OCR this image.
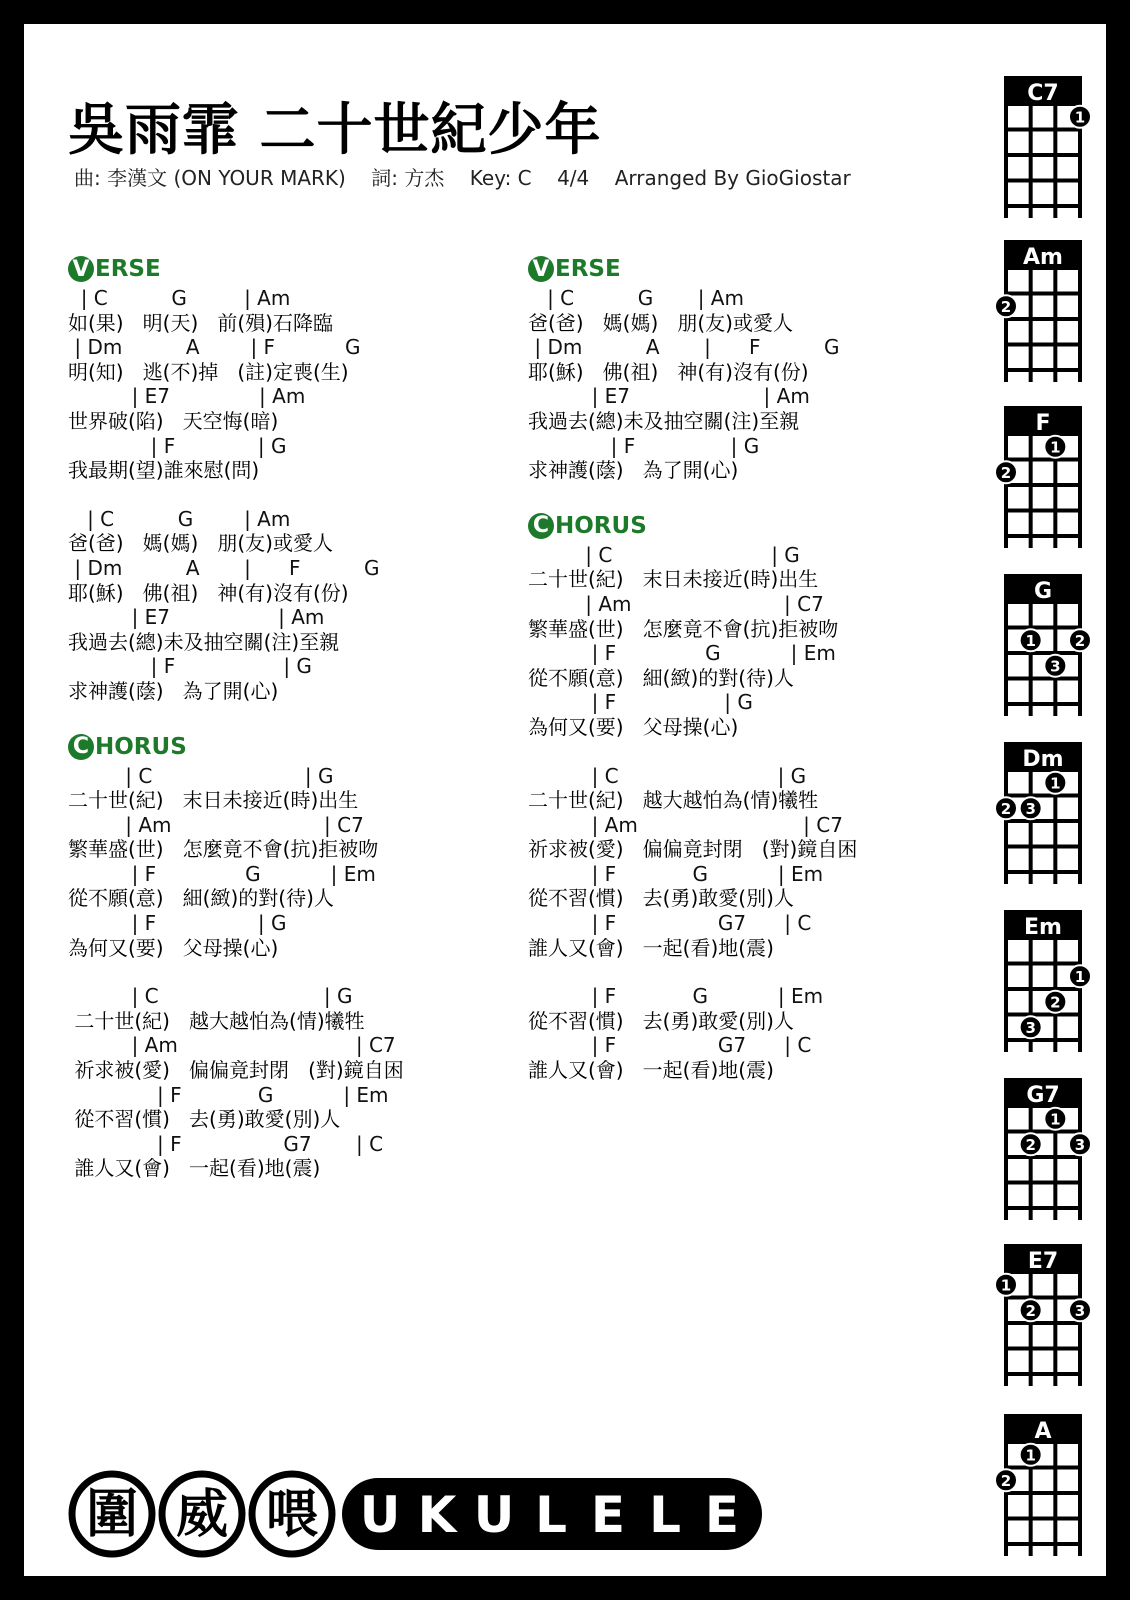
吳雨霏 二十世紀少年
曲: 李漢文 (ON YOUR MARK)    詞: 方杰    Key: C    4/4    Arranged By GioGiostar
V ERSE
| C          G         | Am
如(果)   明(天)   前(殞)石降臨
| Dm          A        | F           G
明(知)   逃(不)掉   (註)定喪(生)
| E7              | Am
世界破(陷)   天空悔(暗)
| F             | G
我最期(望)誰來慰(問)
| C          G        | Am
爸(爸)   媽(媽)   朋(友)或愛人
| Dm          A       |      F          G
耶(穌)   佛(祖)   神(有)沒有(份)
| E7                 | Am
我過去(總)未及抽空關(注)至親
| F                 | G
求神護(蔭)   為了開(心)
C HORUS
| C                        | G
二十世(紀)   末日未接近(時)出生
| Am                        | C7
繁華盛(世)   怎麼竟不會(抗)拒被吻
| F              G           | Em
從不願(意)   細(緻)的對(待)人
| F                | G
為何又(要)   父母操(心)
| C                          | G
二十世(紀)   越大越怕為(情)犧牲
| Am                            | C7
祈求被(愛)   偏偏竟封閉   (對)鏡自困
| F            G           | Em
從不習(慣)   去(勇)敢愛(別)人
| F                G7       | C
誰人又(會)   一起(看)地(震)
V ERSE
| C          G       | Am
爸(爸)   媽(媽)   朋(友)或愛人
| Dm          A       |      F          G
耶(穌)   佛(祖)   神(有)沒有(份)
| E7                     | Am
我過去(總)未及抽空關(注)至親
| F               | G
求神護(蔭)   為了開(心)
C HORUS
| C                         | G
二十世(紀)   末日未接近(時)出生
| Am                        | C7
繁華盛(世)   怎麼竟不會(抗)拒被吻
| F              G           | Em
從不願(意)   細(緻)的對(待)人
| F                 | G
為何又(要)   父母操(心)
| C                         | G
二十世(紀)   越大越怕為(情)犧牲
| Am                          | C7
祈求被(愛)   偏偏竟封閉   (對)鏡自困
| F            G           | Em
從不習(慣)   去(勇)敢愛(別)人
| F                G7      | C
誰人又(會)   一起(看)地(震)
| F            G           | Em
從不習(慣)   去(勇)敢愛(別)人
| F                G7      | C
誰人又(會)   一起(看)地(震)
C7
1
Am
2
F
1
2
G
1	2
3
Dm
1
2 3
Em
1
2
3
G7
1
2	3
E7
1
2	3
A
1
2
圍 威 喂 U K U L E L E
